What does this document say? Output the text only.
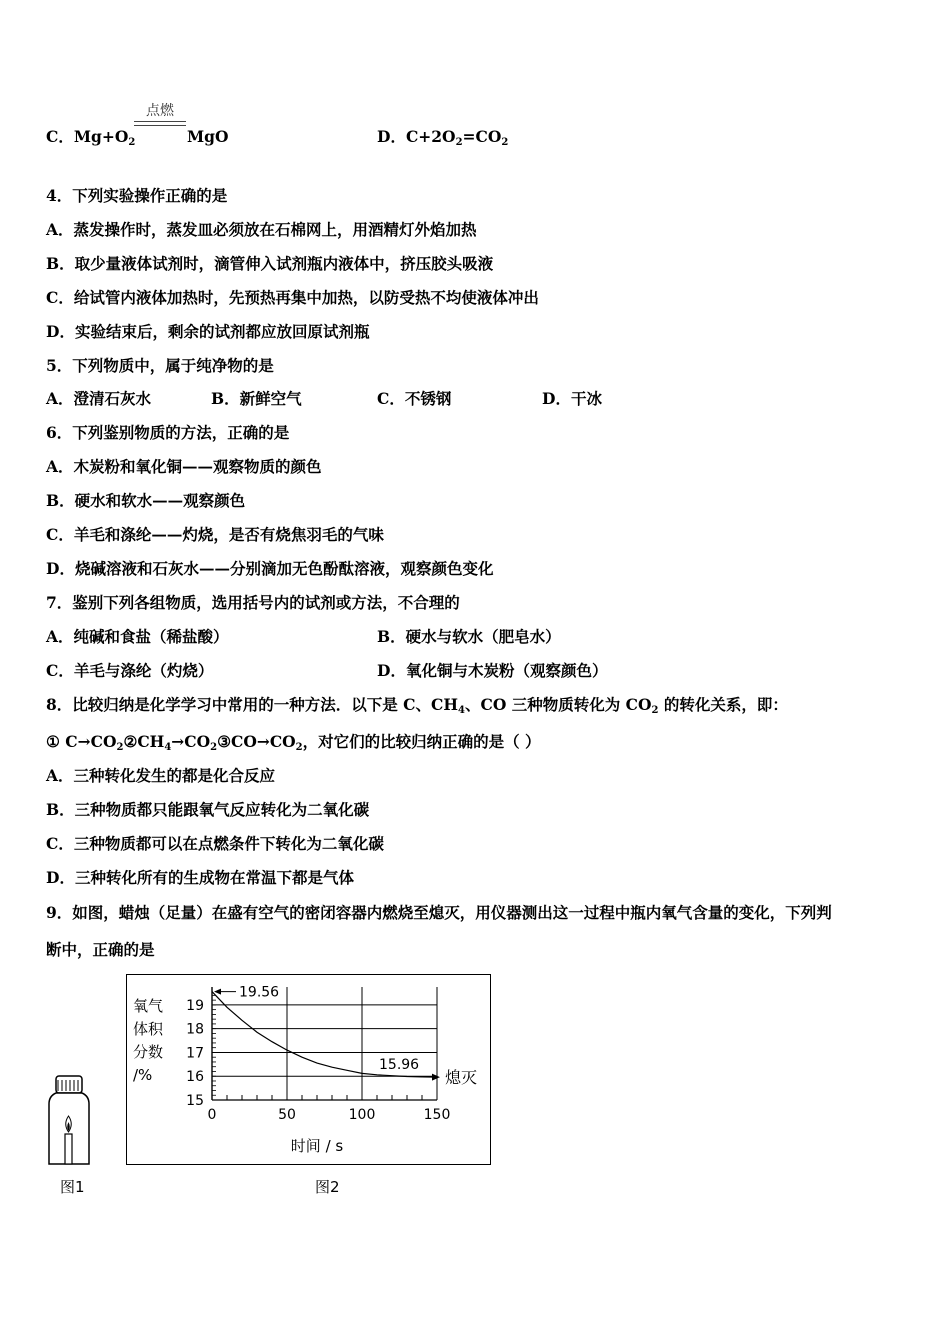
点燃
C．$Mg+O_2$	MgO	D．$C+2O_2=CO_2$
4．下列实验操作正确的是
A．蒸发操作时，蒸发皿必须放在石棉网上，用酒精灯外焰加热
B．取少量液体试剂时，滴管伸入试剂瓶内液体中，挤压胶头吸液
C．给试管内液体加热时，先预热再集中加热，以防受热不均使液体冲出
D．实验结束后，剩余的试剂都应放回原试剂瓶
5．下列物质中，属于纯净物的是
A．澄清石灰水	B．新鲜空气	C．不锈钢	D．干冰
6．下列鉴别物质的方法，正确的是
A．木炭粉和氧化铜——观察物质的颜色
B．硬水和软水——观察颜色
C．羊毛和涤纶——灼烧，是否有烧焦羽毛的气味
D．烧碱溶液和石灰水——分别滴加无色酚酞溶液，观察颜色变化
7．鉴别下列各组物质，选用括号内的试剂或方法，不合理的
A．纯碱和食盐（稀盐酸）	B．硬水与软水（肥皂水）
C．羊毛与涤纶（灼烧）	D．氧化铜与木炭粉（观察颜色）
8．比较归纳是化学学习中常用的一种方法．以下是 C、$CH_4$、CO 三种物质转化为 $CO_2$ 的转化关系，即：
① $C\to CO_2②CH_4\to CO_2③CO\to CO_2$，对它们的比较归纳正确的是（ ）
A．三种转化发生的都是化合反应
B．三种物质都只能跟氧气反应转化为二氧化碳
C．三种物质都可以在点燃条件下转化为二氧化碳
D．三种转化所有的生成物在常温下都是气体
9．如图，蜡烛（足量）在盛有空气的密闭容器内燃烧至熄灭，用仪器测出这一过程中瓶内氧气含量的变化，下列判
断中，正确的是
图1
氧气
体积
分数
/%
15
16
17
18
19
0	50	100	150
19.56
15.96
熄灭
时间 / s
图2
